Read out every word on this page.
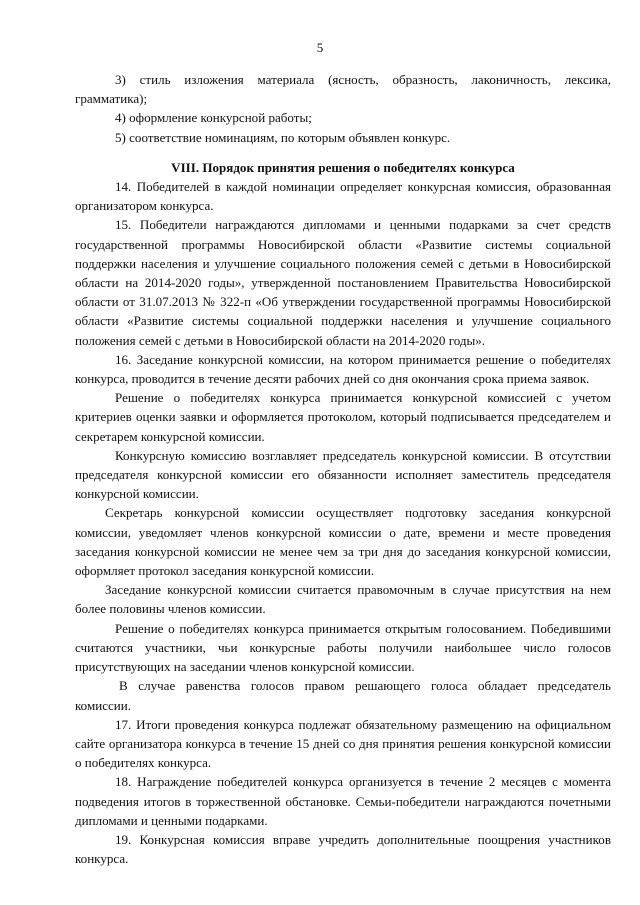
5

3) стиль изложения материала (ясность, образность, лаконичность, лексика, грамматика);

4) оформление конкурсной работы;

5) соответствие номинациям, по которым объявлен конкурс.

VIII. Порядок принятия решения о победителях конкурса

14. Победителей в каждой номинации определяет конкурсная комиссия, образованная организатором конкурса.

15. Победители награждаются дипломами и ценными подарками за счет средств государственной программы Новосибирской области «Развитие системы социальной поддержки населения и улучшение социального положения семей с детьми в Новосибирской области на 2014-2020 годы», утвержденной постановлением Правительства Новосибирской области от 31.07.2013 № 322-п «Об утверждении государственной программы Новосибирской области «Развитие системы социальной поддержки населения и улучшение социального положения семей с детьми в Новосибирской области на 2014-2020 годы».

16. Заседание конкурсной комиссии, на котором принимается решение о победителях конкурса, проводится в течение десяти рабочих дней со дня окончания срока приема заявок.

Решение о победителях конкурса принимается конкурсной комиссией с учетом критериев оценки заявки и оформляется протоколом, который подписывается председателем и секретарем конкурсной комиссии.

Конкурсную комиссию возглавляет председатель конкурсной комиссии. В отсутствии председателя конкурсной комиссии его обязанности исполняет заместитель председателя конкурсной комиссии.

Секретарь конкурсной комиссии осуществляет подготовку заседания конкурсной комиссии, уведомляет членов конкурсной комиссии о дате, времени и месте проведения заседания конкурсной комиссии не менее чем за три дня до заседания конкурсной комиссии, оформляет протокол заседания конкурсной комиссии.

Заседание конкурсной комиссии считается правомочным в случае присутствия на нем более половины членов комиссии.

Решение о победителях конкурса принимается открытым голосованием. Победившими считаются участники, чьи конкурсные работы получили наибольшее число голосов присутствующих на заседании членов конкурсной комиссии.

В случае равенства голосов правом решающего голоса обладает председатель комиссии.

17. Итоги проведения конкурса подлежат обязательному размещению на официальном сайте организатора конкурса в течение 15 дней со дня принятия решения конкурсной комиссии о победителях конкурса.

18. Награждение победителей конкурса организуется в течение 2 месяцев с момента подведения итогов в торжественной обстановке. Семьи-победители награждаются почетными дипломами и ценными подарками.

19. Конкурсная комиссия вправе учредить дополнительные поощрения участников конкурса.
